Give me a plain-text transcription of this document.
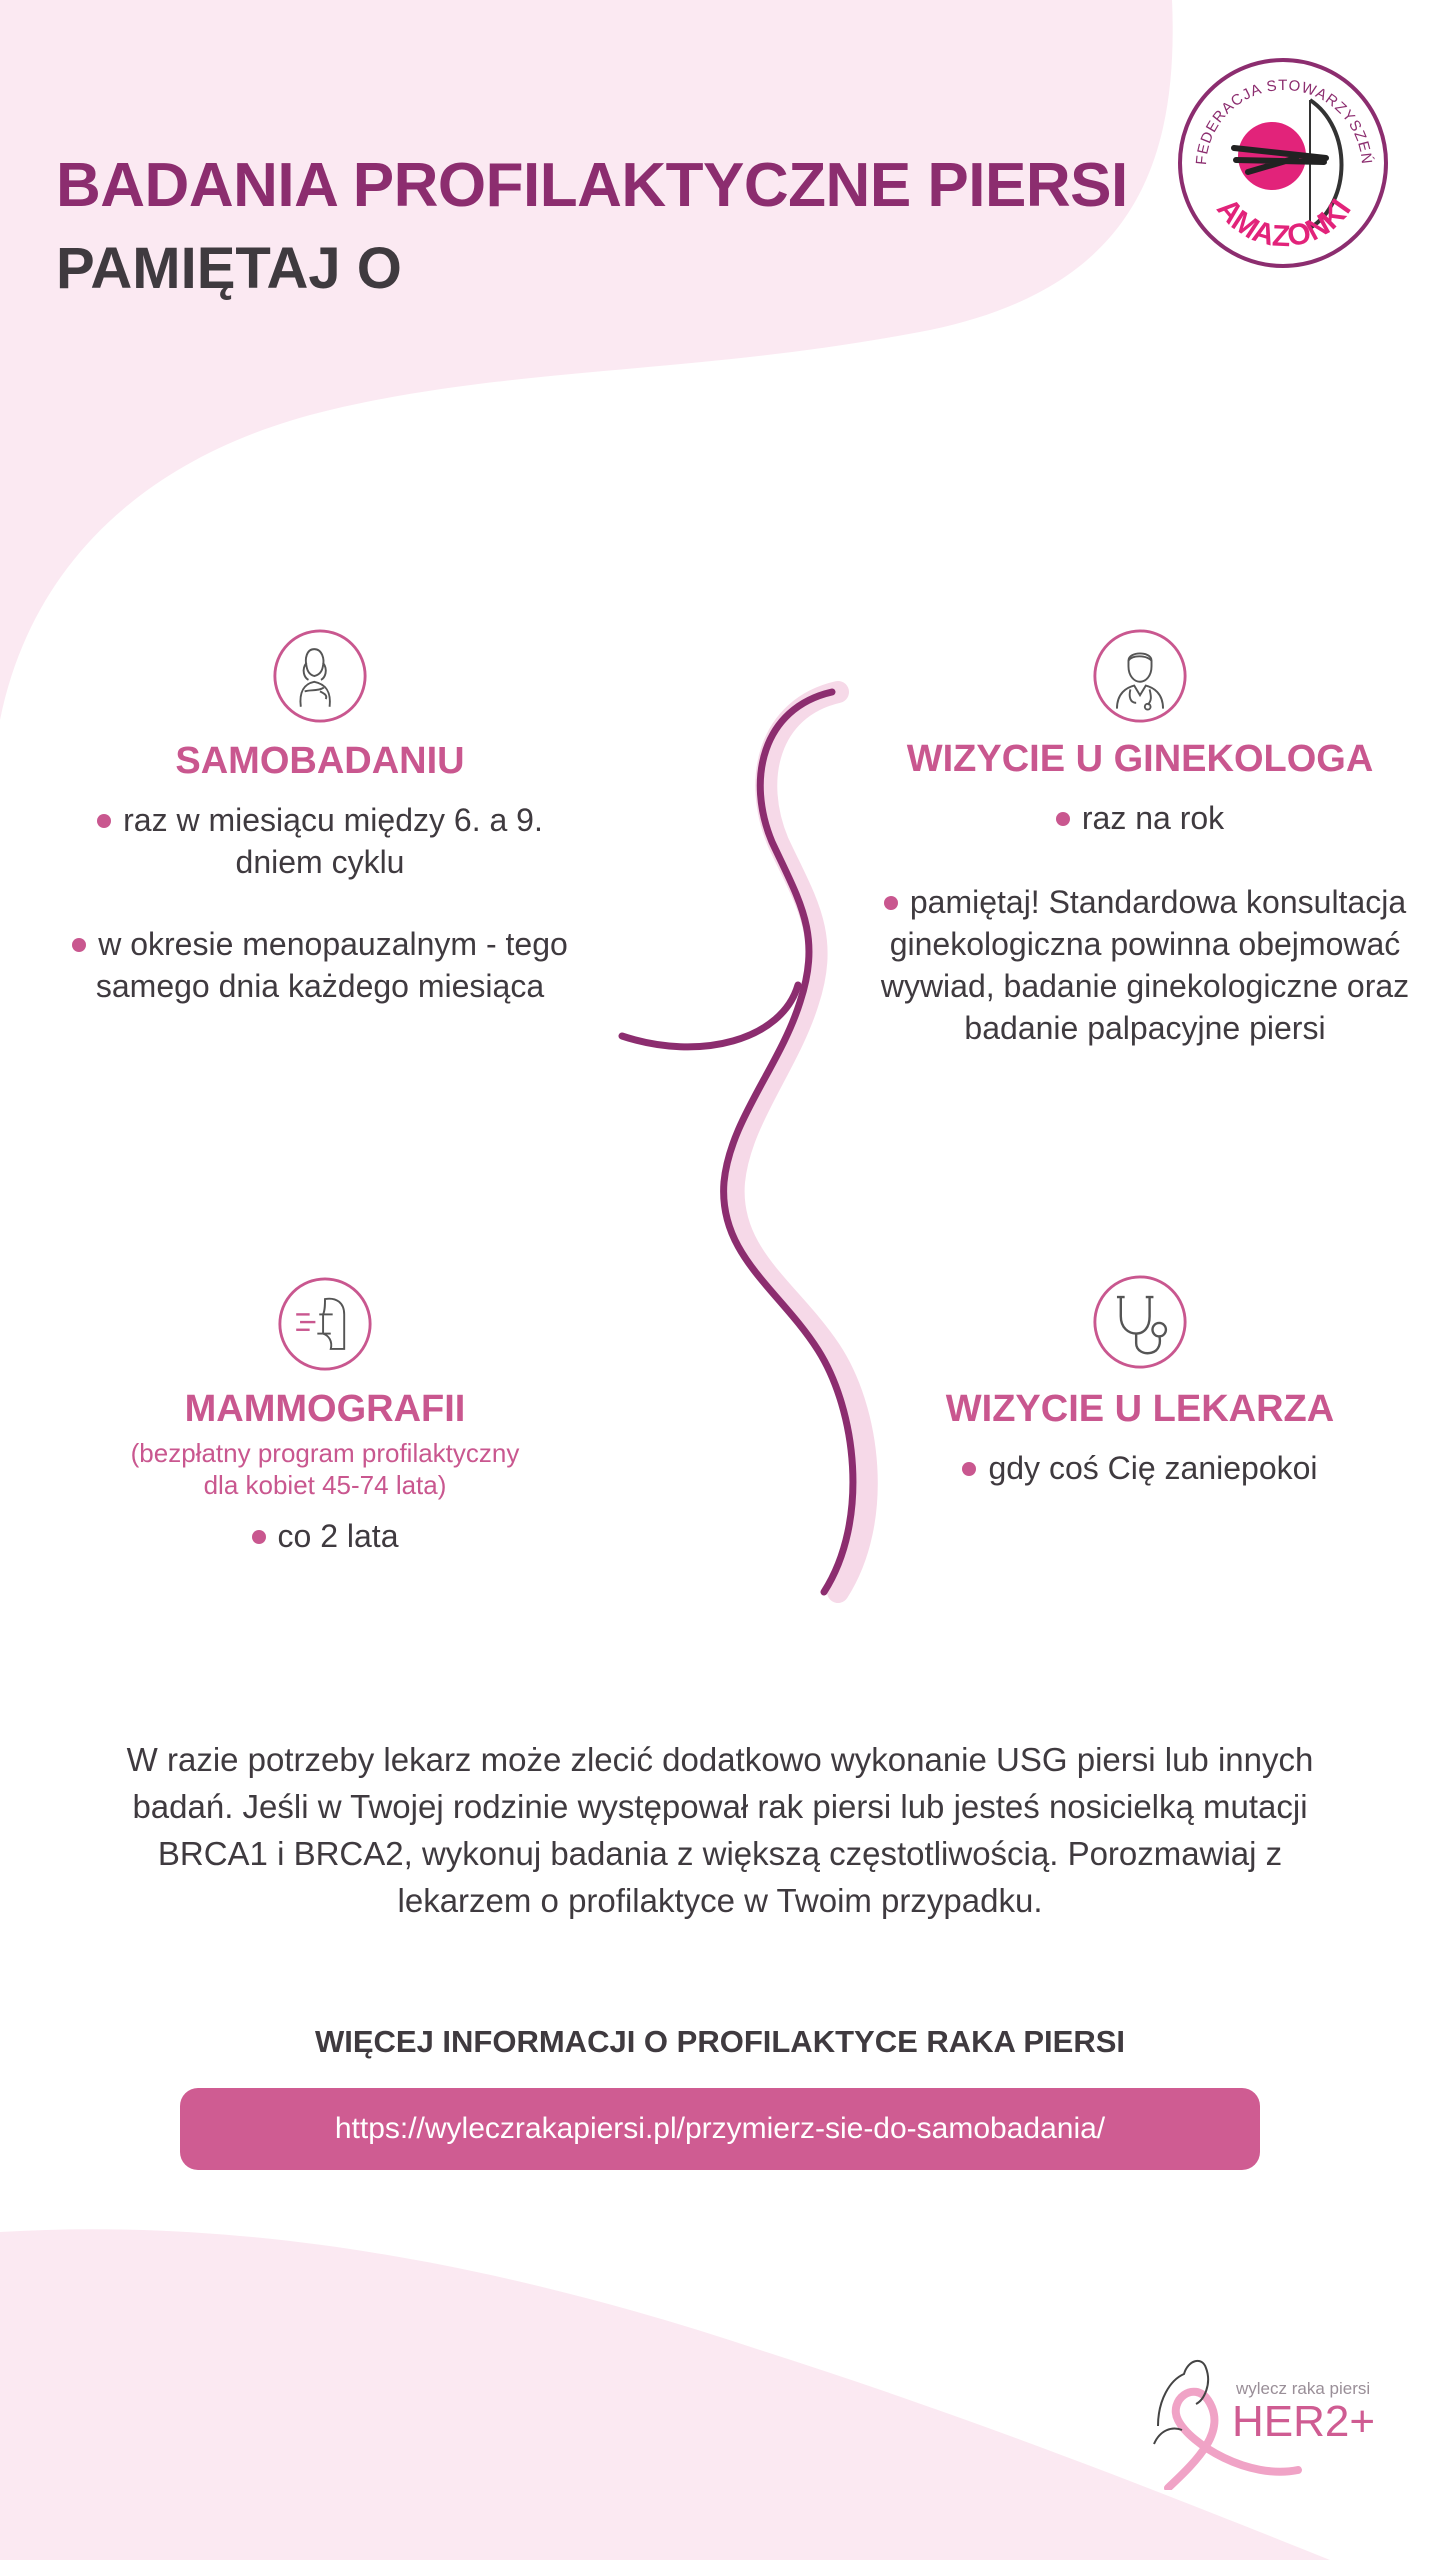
BADANIA PROFILAKTYCZNE PIERSI
PAMIĘTAJ O
FEDERACJA STOWARZYSZEŃ
AMAZONKI
SAMOBADANIU
raz w miesiącu między 6. a 9. dniem cyklu
w okresie menopauzalnym - tego samego dnia każdego miesiąca
WIZYCIE U GINEKOLOGA
raz na rok
pamiętaj! Standardowa konsultacja ginekologiczna powinna obejmować wywiad, badanie ginekologiczne oraz badanie palpacyjne piersi
MAMMOGRAFII
(bezpłatny program profilaktyczny dla kobiet 45-74 lata)
co 2 lata
WIZYCIE U LEKARZA
gdy coś Cię zaniepokoi
W razie potrzeby lekarz może zlecić dodatkowo wykonanie USG piersi lub innych badań. Jeśli w Twojej rodzinie występował rak piersi lub jesteś nosicielką mutacji BRCA1 i BRCA2, wykonuj badania z większą częstotliwością. Porozmawiaj z lekarzem o profilaktyce w Twoim przypadku.
WIĘCEJ INFORMACJI O PROFILAKTYCE RAKA PIERSI
https://wyleczrakapiersi.pl/przymierz-sie-do-samobadania/
wylecz raka piersi
HER2+
